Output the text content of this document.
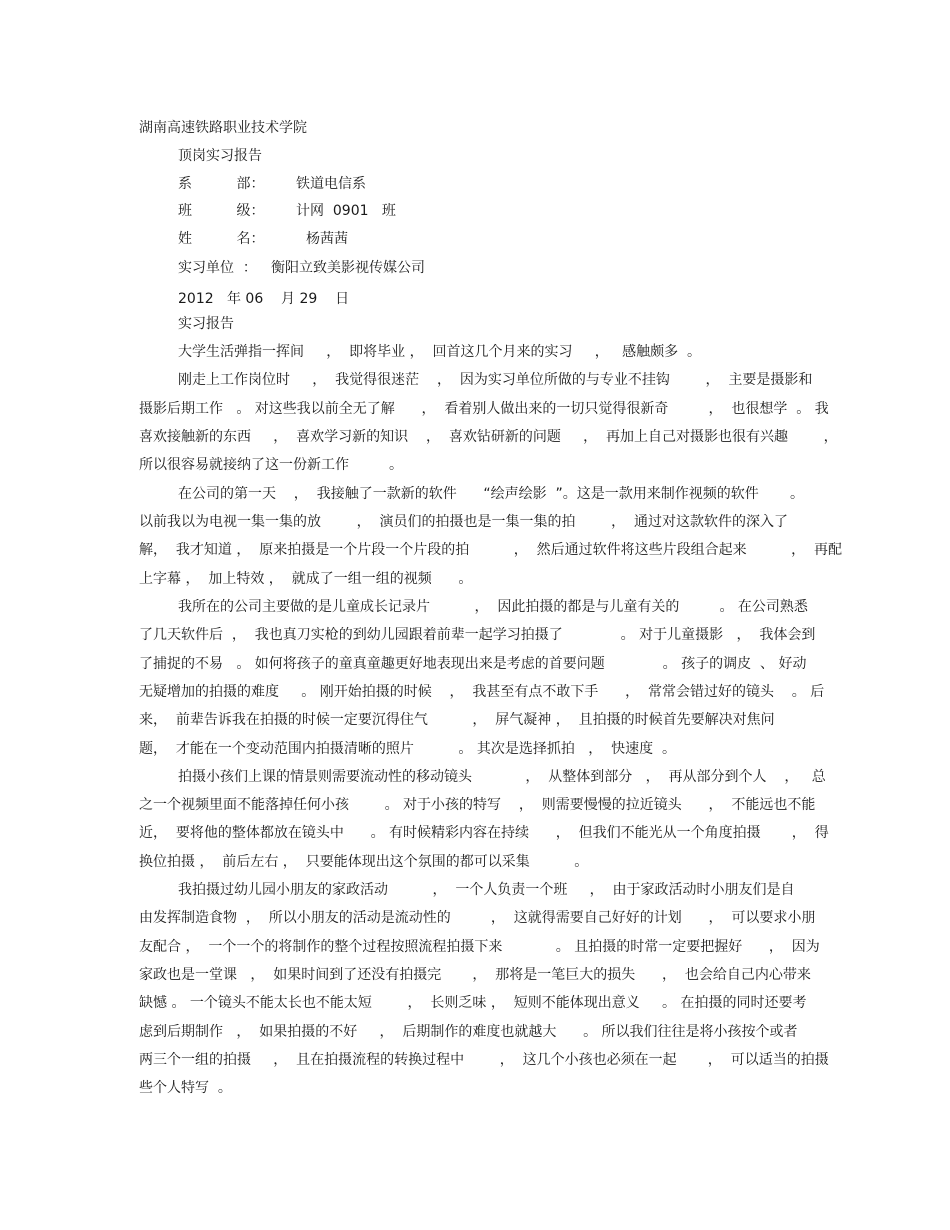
湖南高速铁路职业技术学院
顶岗实习报告
系          部： 铁道电信系
班          级： 计网  0901   班
姓          名：	杨茜茜
实习单位  ： 衡阳立致美影视传媒公司
2012   年 06    月 29    日
实习报告
大学生活弹指一挥间     ，  即将毕业 ，  回首这几个月来的实习     ，   感触颇多  。
刚走上工作岗位时     ，  我觉得很迷茫    ，  因为实习单位所做的与专业不挂钩        ，  主要是摄影和
摄影后期工作   。 对这些我以前全无了解      ，  看着别人做出来的一切只觉得很新奇         ，  也很想学  。 我
喜欢接触新的东西     ，  喜欢学习新的知识    ，  喜欢钻研新的问题     ，  再加上自己对摄影也很有兴趣        ，
所以很容易就接纳了这一份新工作         。
在公司的第一天    ，  我接触了一款新的软件      “绘声绘影  ”。这是一款用来制作视频的软件       。
以前我以为电视一集一集的放        ，  演员们的拍摄也是一集一集的拍        ，  通过对这款软件的深入了
解，  我才知道 ，  原来拍摄是一个片段一个片段的拍          ，  然后通过软件将这些片段组合起来          ，  再配
上字幕 ，  加上特效 ，  就成了一组一组的视频      。
我所在的公司主要做的是儿童成长记录片          ，  因此拍摄的都是与儿童有关的         。 在公司熟悉
了几天软件后  ，  我也真刀实枪的到幼儿园跟着前辈一起学习拍摄了             。 对于儿童摄影   ，  我体会到
了捕捉的不易   。 如何将孩子的童真童趣更好地表现出来是考虑的首要问题             。 孩子的调皮  、 好动
无疑增加的拍摄的难度     。 刚开始拍摄的时候    ，  我甚至有点不敢下手      ，  常常会错过好的镜头    。 后
来，  前辈告诉我在拍摄的时候一定要沉得住气          ，  屏气凝神 ，  且拍摄的时候首先要解决对焦问
题，  才能在一个变动范围内拍摄清晰的照片          。 其次是选择抓拍   ，  快速度  。
拍摄小孩们上课的情景则需要流动性的移动镜头            ，  从整体到部分   ，  再从部分到个人    ，   总
之一个视频里面不能落掉任何小孩        。 对于小孩的特写    ，  则需要慢慢的拉近镜头      ，  不能远也不能
近，  要将他的整体都放在镜头中      。 有时候精彩内容在持续      ，  但我们不能光从一个角度拍摄       ，  得
换位拍摄 ，  前后左右 ，  只要能体现出这个氛围的都可以采集          。
我拍摄过幼儿园小朋友的家政活动          ，  一个人负责一个班     ，  由于家政活动时小朋友们是自
由发挥制造食物  ，  所以小朋友的活动是流动性的         ，  这就得需要自己好好的计划      ，  可以要求小朋
友配合 ，  一个一个的将制作的整个过程按照流程拍摄下来            。 且拍摄的时常一定要把握好      ，  因为
家政也是一堂课   ，  如果时间到了还没有拍摄完       ，  那将是一笔巨大的损失      ，  也会给自己内心带来
缺憾 。 一个镜头不能太长也不能太短        ，  长则乏味 ，  短则不能体现出意义     。 在拍摄的同时还要考
虑到后期制作   ，  如果拍摄的不好     ，  后期制作的难度也就越大      。 所以我们往往是将小孩按个或者
两三个一组的拍摄     ，  且在拍摄流程的转换过程中        ，  这几个小孩也必须在一起       ，  可以适当的拍摄
些个人特写  。
